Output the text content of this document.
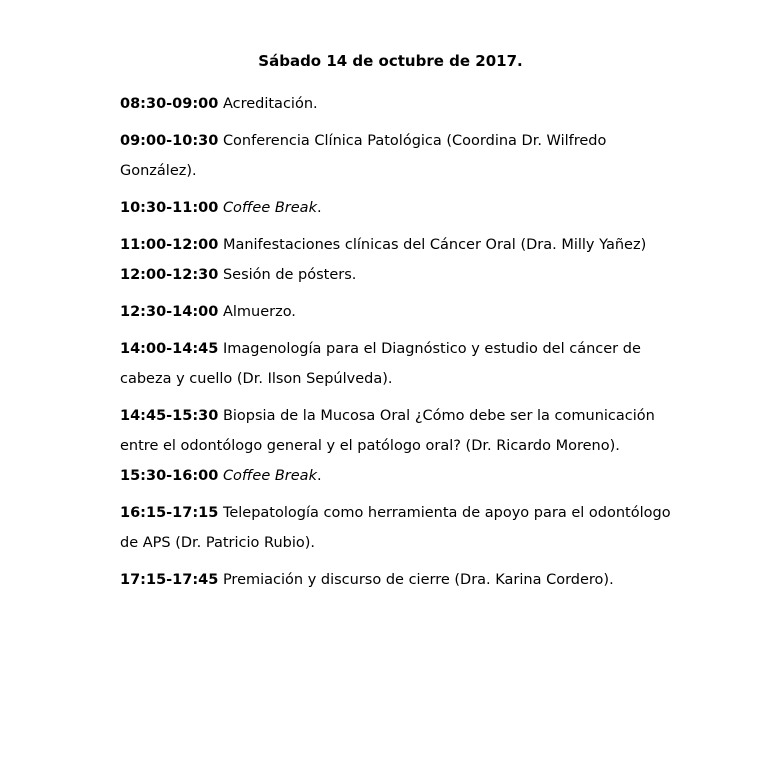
Sábado 14 de octubre de 2017.

08:30-09:00 Acreditación.

09:00-10:30 Conferencia Clínica Patológica (Coordina Dr. Wilfredo González).

10:30-11:00 Coffee Break.

11:00-12:00 Manifestaciones clínicas del Cáncer Oral (Dra. Milly Yañez)

12:00-12:30 Sesión de pósters.

12:30-14:00 Almuerzo.

14:00-14:45 Imagenología para el Diagnóstico y estudio del cáncer de cabeza y cuello (Dr. Ilson Sepúlveda).

14:45-15:30 Biopsia de la Mucosa Oral ¿Cómo debe ser la comunicación entre el odontólogo general y el patólogo oral? (Dr. Ricardo Moreno).

15:30-16:00 Coffee Break.

16:15-17:15 Telepatología como herramienta de apoyo para el odontólogo de APS (Dr. Patricio Rubio).

17:15-17:45 Premiación y discurso de cierre (Dra. Karina Cordero).
